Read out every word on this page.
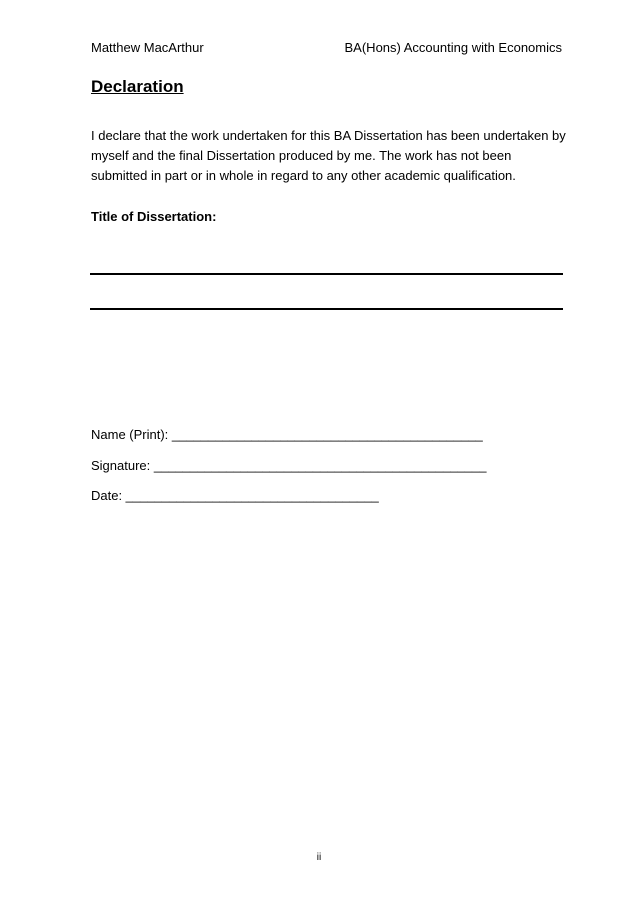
Matthew MacArthur	BA(Hons) Accounting with Economics
Declaration

I declare that the work undertaken for this BA Dissertation has been undertaken by
myself and the final Dissertation produced by me. The work has not been
submitted in part or in whole in regard to any other academic qualification.

Title of Dissertation:
Name (Print): ___________________________________________
Signature: ______________________________________________
Date: ___________________________________
ii
